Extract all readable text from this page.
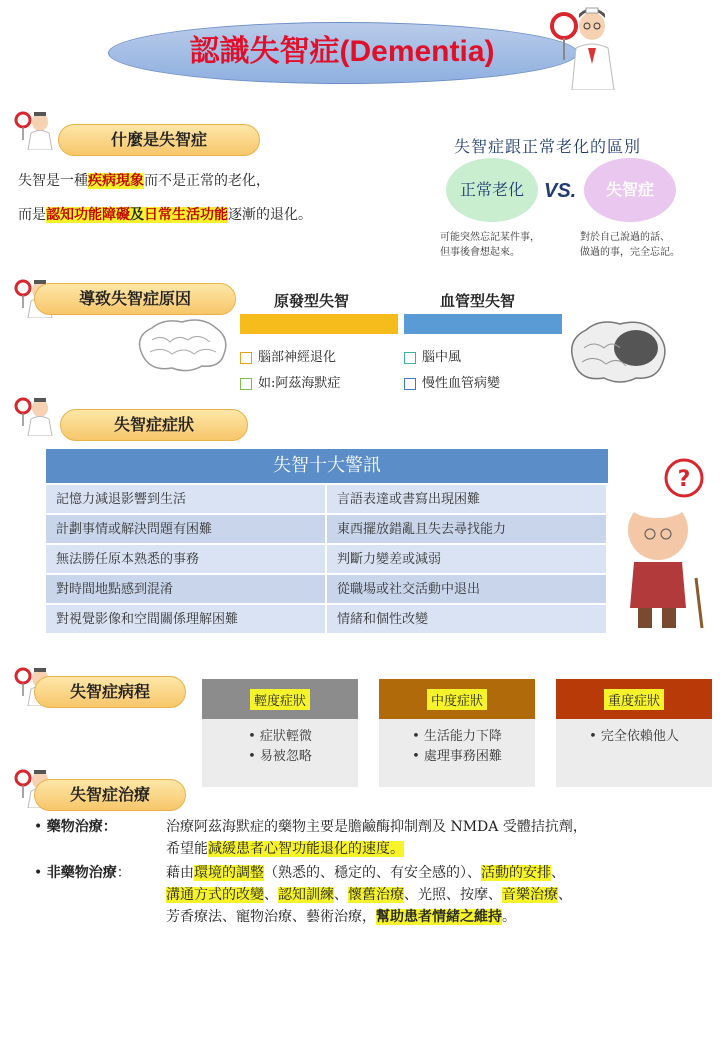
認識失智症(Dementia)
什麼是失智症
失智是一種疾病現象而不是正常的老化，
而是認知功能障礙及日常生活功能逐漸的退化。
失智症跟正常老化的區別
正常老化	VS.	失智症
可能突然忘記某件事，
但事後會想起來。
對於自己說過的話、
做過的事，完全忘記。
導致失智症原因	原發型失智	血管型失智
腦部神經退化
如:阿茲海默症
腦中風
慢性血管病變
失智症症狀
失智十大警訊
記憶力減退影響到生活	言語表達或書寫出現困難
計劃事情或解決問題有困難	東西擺放錯亂且失去尋找能力
無法勝任原本熟悉的事務	判斷力變差或減弱
對時間地點感到混淆	從職場或社交活動中退出
對視覺影像和空間關係理解困難	情緒和個性改變
?
失智症病程	輕度症狀
• 症狀輕微
• 易被忽略
中度症狀
• 生活能力下降
• 處理事務困難
重度症狀
• 完全依賴他人
失智症治療
• 藥物治療：	治療阿茲海默症的藥物主要是膽鹼酶抑制劑及 NMDA 受體拮抗劑，
希望能減緩患者心智功能退化的速度。
• 非藥物治療：	藉由環境的調整（熟悉的、穩定的、有安全感的）、活動的安排、
溝通方式的改變、認知訓練、懷舊治療、光照、按摩、音樂治療、
芳香療法、寵物治療、藝術治療，幫助患者情緒之維持。
